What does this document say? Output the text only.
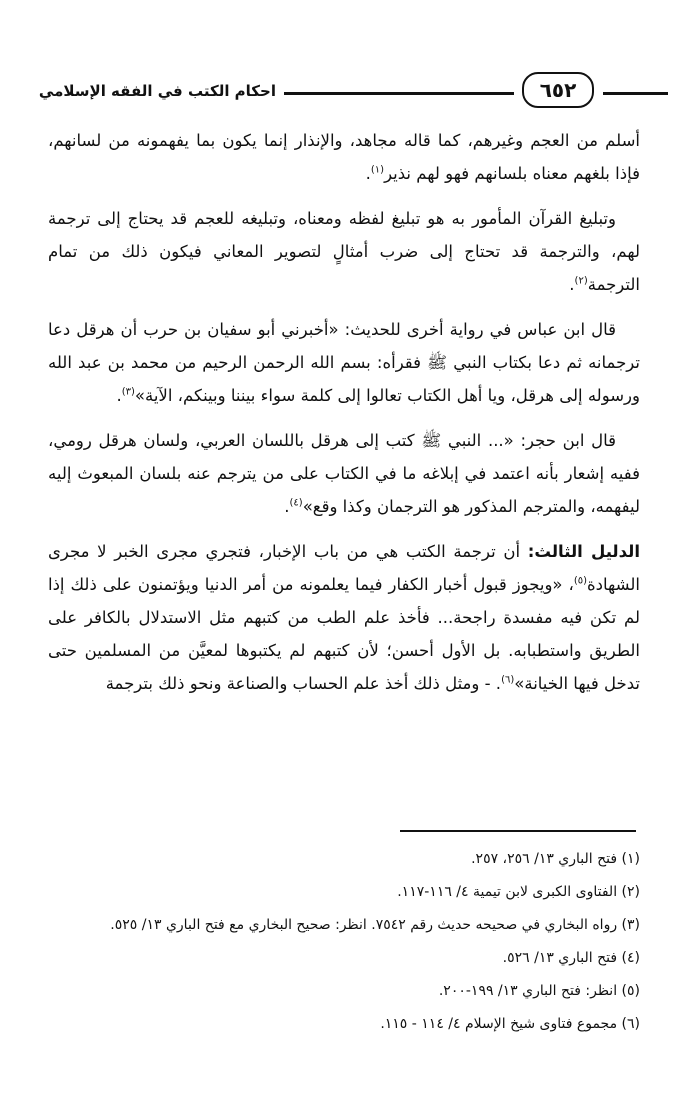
احكام الكتب في الفقه الإسلامي	٦٥٢

أسلم من العجم وغيرهم، كما قاله مجاهد، والإنذار إنما يكون بما يفهمونه من لسانهم، فإذا بلغهم معناه بلسانهم فهو لهم نذير$^{(١)}$.

وتبليغ القرآن المأمور به هو تبليغ لفظه ومعناه، وتبليغه للعجم قد يحتاج إلى ترجمة لهم، والترجمة قد تحتاج إلى ضرب أمثالٍ لتصوير المعاني فيكون ذلك من تمام الترجمة$^{(٢)}$.

قال ابن عباس في رواية أخرى للحديث: «أخبرني أبو سفيان بن حرب أن هرقل دعا ترجمانه ثم دعا بكتاب النبي ﷺ فقرأه: بسم الله الرحمن الرحيم من محمد بن عبد الله ورسوله إلى هرقل، ويا أهل الكتاب تعالوا إلى كلمة سواء بيننا وبينكم، الآية»$^{(٣)}$.

قال ابن حجر: «... النبي ﷺ كتب إلى هرقل باللسان العربي، ولسان هرقل رومي، ففيه إشعار بأنه اعتمد في إبلاغه ما في الكتاب على من يترجم عنه بلسان المبعوث إليه ليفهمه، والمترجم المذكور هو الترجمان وكذا وقع»$^{(٤)}$.

الدليل الثالث: أن ترجمة الكتب هي من باب الإخبار، فتجري مجرى الخبر لا مجرى الشهادة$^{(٥)}$، «ويجوز قبول أخبار الكفار فيما يعلمونه من أمر الدنيا ويؤتمنون على ذلك إذا لم تكن فيه مفسدة راجحة... فأخذ علم الطب من كتبهم مثل الاستدلال بالكافر على الطريق واستطبابه. بل الأول أحسن؛ لأن كتبهم لم يكتبوها لمعيَّن من المسلمين حتى تدخل فيها الخيانة»$^{(٦)}$. - ومثل ذلك أخذ علم الحساب والصناعة ونحو ذلك بترجمة

(١) فتح الباري ١٣/ ٢٥٦، ٢٥٧.
(٢) الفتاوى الكبرى لابن تيمية ٤/ ١١٦-١١٧.
(٣) رواه البخاري في صحيحه حديث رقم ٧٥٤٢. انظر: صحيح البخاري مع فتح الباري ١٣/ ٥٢٥.
(٤) فتح الباري ١٣/ ٥٢٦.
(٥) انظر: فتح الباري ١٣/ ١٩٩-٢٠٠.
(٦) مجموع فتاوى شيخ الإسلام ٤/ ١١٤ - ١١٥.
